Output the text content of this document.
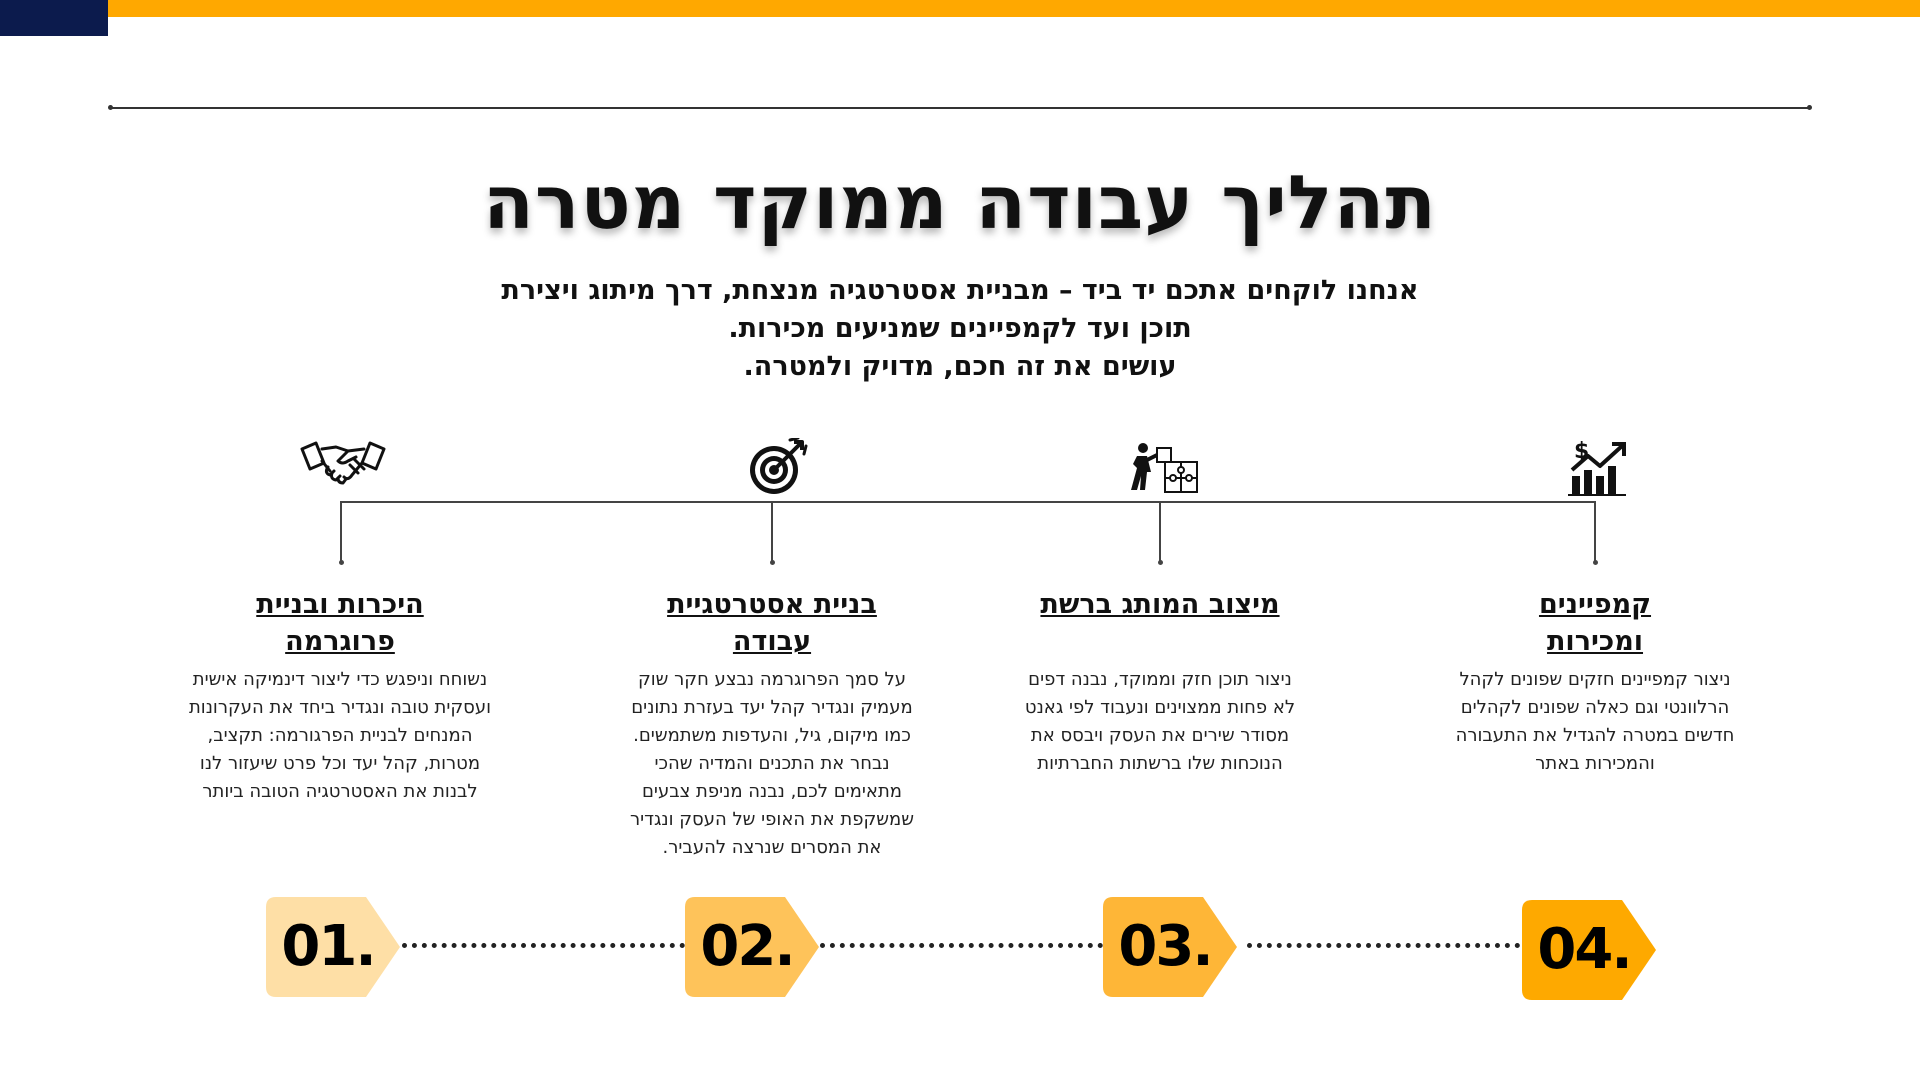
תהליך עבודה ממוקד מטרה
אנחנו לוקחים אתכם יד ביד – מבניית אסטרטגיה מנצחת, דרך מיתוג ויצירת
תוכן ועד לקמפיינים שמניעים מכירות.
עושים את זה חכם, מדויק ולמטרה.
$
היכרות ובניית
פרוגרמה
בניית אסטרטגיית
עבודה
מיצוב המותג ברשת	קמפיינים
ומכירות
נשוחח וניפגש כדי ליצור דינמיקה אישית
ועסקית טובה ונגדיר ביחד את העקרונות
המנחים לבניית הפרגורמה: תקציב,
מטרות, קהל יעד וכל פרט שיעזור לנו
לבנות את האסטרטגיה הטובה ביותר
על סמך הפרוגרמה נבצע חקר שוק
מעמיק ונגדיר קהל יעד בעזרת נתונים
כמו מיקום, גיל, והעדפות משתמשים.
נבחר את התכנים והמדיה שהכי
מתאימים לכם, נבנה מניפת צבעים
שמשקפת את האופי של העסק ונגדיר
את המסרים שנרצה להעביר.
ניצור תוכן חזק וממוקד, נבנה דפים
לא פחות ממצוינים ונעבוד לפי גאנט
מסודר שירים את העסק ויבסס את
הנוכחות שלו ברשתות החברתיות
ניצור קמפיינים חזקים שפונים לקהל
הרלוונטי וגם כאלה שפונים לקהלים
חדשים במטרה להגדיל את התעבורה
והמכירות באתר
01.	02.	03.	04.
